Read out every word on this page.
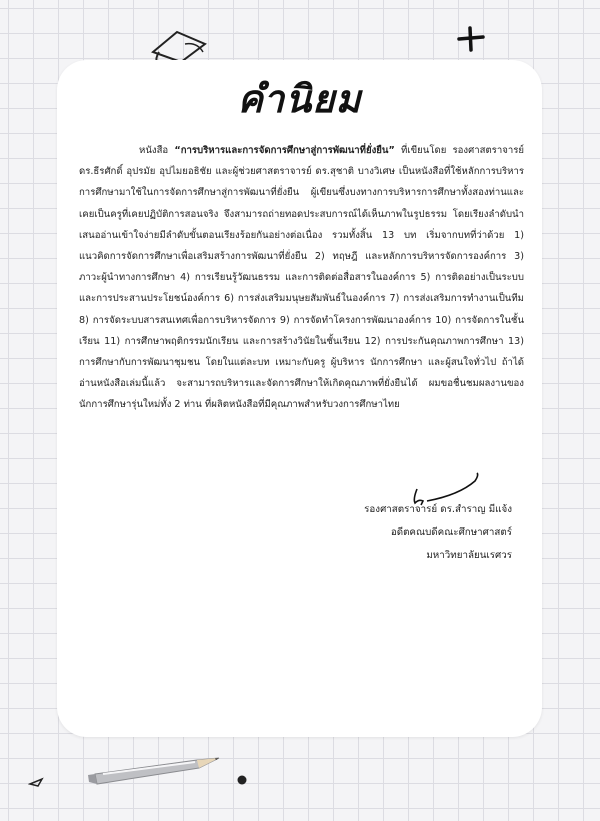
คำนิยม

หนังสือ “การบริหารและการจัดการศึกษาสู่การพัฒนาที่ยั่งยืน” ที่เขียนโดย รองศาสตราจารย์ ดร.ธีรศักดิ์ อุปรมัย อุปไมยอธิชัย และผู้ช่วยศาสตราจารย์ ดร.สุชาติ บางวิเศษ เป็นหนังสือที่ใช้หลักการบริหารการศึกษามาใช้ในการจัดการศึกษาสู่การพัฒนาที่ยั่งยืน ผู้เขียนซึ่งบงทางการบริหารการศึกษาทั้งสองท่านและเคยเป็นครูที่เคยปฏิบัติการสอนจริง จึงสามารถถ่ายทอดประสบการณ์ได้เห็นภาพในรูปธรรม โดยเรียงลำดับนำเสนออ่านเข้าใจง่ายมีลำดับขั้นตอนเรียงร้อยกันอย่างต่อเนื่อง รวมทั้งสิ้น 13 บท เริ่มจากบทที่ว่าด้วย 1) แนวคิดการจัดการศึกษาเพื่อเสริมสร้างการพัฒนาที่ยั่งยืน 2) ทฤษฎี และหลักการบริหารจัดการองค์การ 3) ภาวะผู้นำทางการศึกษา 4) การเรียนรู้วัฒนธรรม และการติดต่อสื่อสารในองค์การ 5) การติดอย่างเป็นระบบ และการประสานประโยชน์องค์การ 6) การส่งเสริมมนุษยสัมพันธ์ในองค์การ 7) การส่งเสริมการทำงานเป็นทีม 8) การจัดระบบสารสนเทศเพื่อการบริหารจัดการ 9) การจัดทำโครงการพัฒนาองค์การ 10) การจัดการในชั้นเรียน 11) การศึกษาพฤติกรรมนักเรียน และการสร้างวินัยในชั้นเรียน 12) การประกันคุณภาพการศึกษา 13) การศึกษากับการพัฒนาชุมชน โดยในแต่ละบท เหมาะกับครู ผู้บริหาร นักการศึกษา และผู้สนใจทั่วไป ถ้าได้อ่านหนังสือเล่มนี้แล้ว จะสามารถบริหารและจัดการศึกษาให้เกิดคุณภาพที่ยั่งยืนได้ ผมขอชื่นชมผลงานของนักการศึกษารุ่นใหม่ทั้ง 2 ท่าน ที่ผลิตหนังสือที่มีคุณภาพสำหรับวงการศึกษาไทย

รองศาสตราจารย์ ดร.สำราญ มีแจ้ง
อดีตคณบดีคณะศึกษาศาสตร์
มหาวิทยาลัยนเรศวร
